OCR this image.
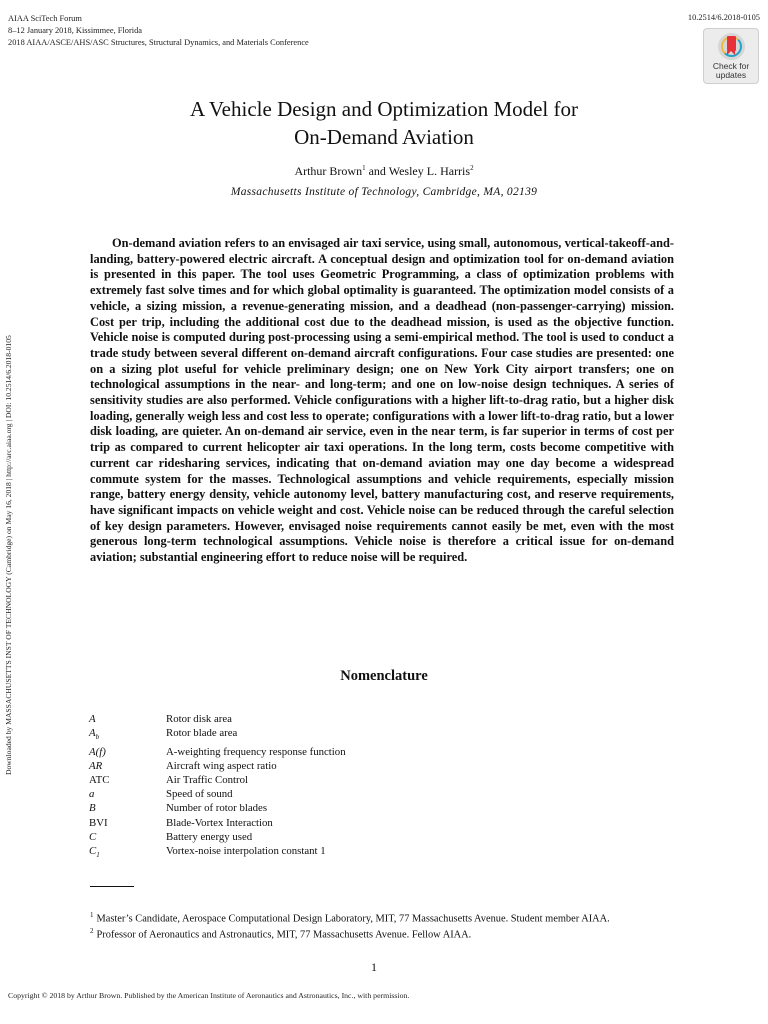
AIAA SciTech Forum
8–12 January 2018, Kissimmee, Florida
2018 AIAA/ASCE/AHS/ASC Structures, Structural Dynamics, and Materials Conference
10.2514/6.2018-0105
Check for
updates
Downloaded by MASSACHUSETTS INST OF TECHNOLOGY (Cambridge) on May 16, 2018 | http://arc.aiaa.org | DOI: 10.2514/6.2018-0105
A Vehicle Design and Optimization Model for
On-Demand Aviation
Arthur Brown$^1$ and Wesley L. Harris$^2$
Massachusetts Institute of Technology, Cambridge, MA, 02139

On-demand aviation refers to an envisaged air taxi service, using small, autonomous, vertical-takeoff-and-landing, battery-powered electric aircraft. A conceptual design and optimization tool for on-demand aviation is presented in this paper. The tool uses Geometric Programming, a class of optimization problems with extremely fast solve times and for which global optimality is guaranteed. The optimization model consists of a vehicle, a sizing mission, a revenue-generating mission, and a deadhead (non-passenger-carrying) mission. Cost per trip, including the additional cost due to the deadhead mission, is used as the objective function. Vehicle noise is computed during post-processing using a semi-empirical method. The tool is used to conduct a trade study between several different on-demand aircraft configurations. Four case studies are presented: one on a sizing plot useful for vehicle preliminary design; one on New York City airport transfers; one on technological assumptions in the near- and long-term; and one on low-noise design techniques. A series of sensitivity studies are also performed. Vehicle configurations with a higher lift-to-drag ratio, but a higher disk loading, generally weigh less and cost less to operate; configurations with a lower lift-to-drag ratio, but a lower disk loading, are quieter. An on-demand air service, even in the near term, is far superior in terms of cost per trip as compared to current helicopter air taxi operations. In the long term, costs become competitive with current car ridesharing services, indicating that on-demand aviation may one day become a widespread commute system for the masses. Technological assumptions and vehicle requirements, especially mission range, battery energy density, vehicle autonomy level, battery manufacturing cost, and reserve requirements, have significant impacts on vehicle weight and cost. Vehicle noise can be reduced through the careful selection of key design parameters. However, envisaged noise requirements cannot easily be met, even with the most generous long-term technological assumptions. Vehicle noise is therefore a critical issue for on-demand aviation; substantial engineering effort to reduce noise will be required.

Nomenclature
A	Rotor disk area
$A_b$	Rotor blade area
A(f)	A-weighting frequency response function
AR	Aircraft wing aspect ratio
ATC	Air Traffic Control
a	Speed of sound
B	Number of rotor blades
BVI	Blade-Vortex Interaction
C	Battery energy used
$C_1$	Vortex-noise interpolation constant 1
$^1$ Master’s Candidate, Aerospace Computational Design Laboratory, MIT, 77 Massachusetts Avenue. Student member AIAA.
$^2$ Professor of Aeronautics and Astronautics, MIT, 77 Massachusetts Avenue. Fellow AIAA.
1
Copyright © 2018 by Arthur Brown. Published by the American Institute of Aeronautics and Astronautics, Inc., with permission.
